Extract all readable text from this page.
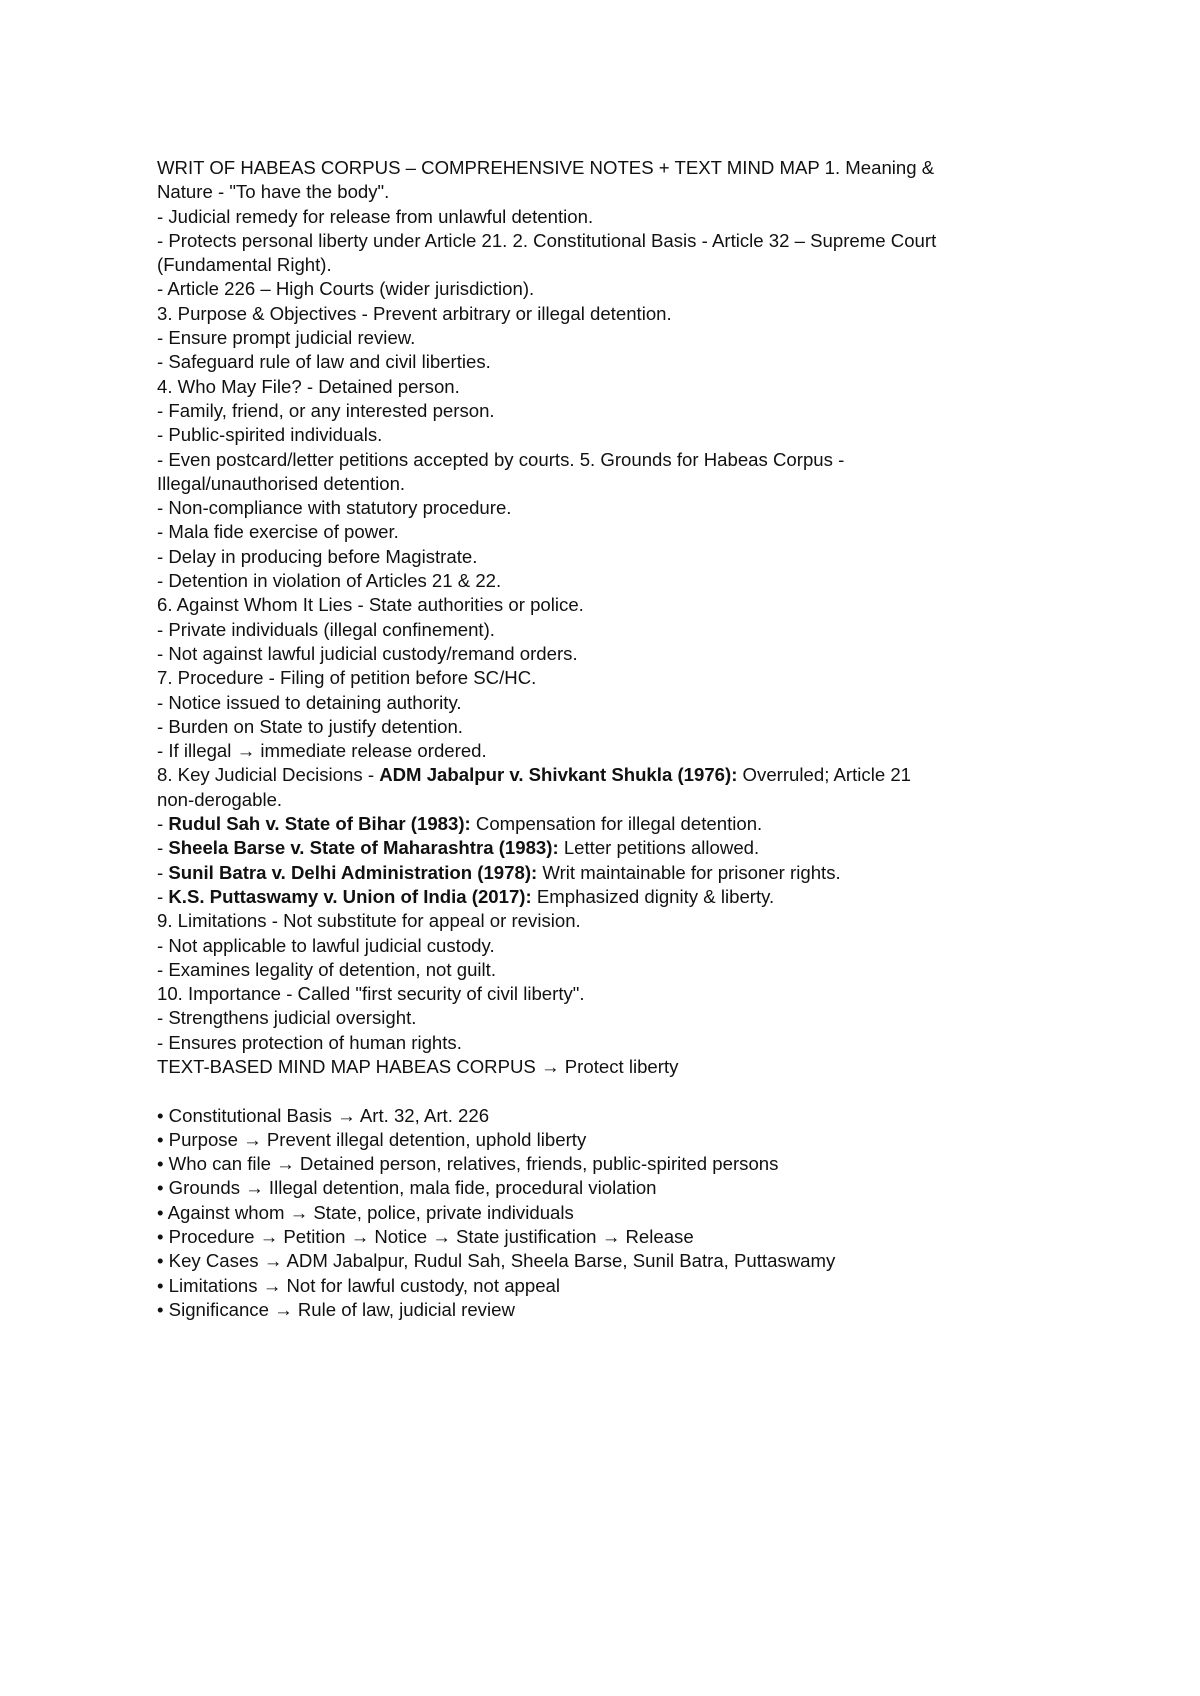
WRIT OF HABEAS CORPUS – COMPREHENSIVE NOTES + TEXT MIND MAP 1. Meaning &
Nature - "To have the body".
- Judicial remedy for release from unlawful detention.
- Protects personal liberty under Article 21. 2. Constitutional Basis - Article 32 – Supreme Court
(Fundamental Right).
- Article 226 – High Courts (wider jurisdiction).
3. Purpose & Objectives - Prevent arbitrary or illegal detention.
- Ensure prompt judicial review.
- Safeguard rule of law and civil liberties.
4. Who May File? - Detained person.
- Family, friend, or any interested person.
- Public-spirited individuals.
- Even postcard/letter petitions accepted by courts. 5. Grounds for Habeas Corpus -
Illegal/unauthorised detention.
- Non-compliance with statutory procedure.
- Mala fide exercise of power.
- Delay in producing before Magistrate.
- Detention in violation of Articles 21 & 22.
6. Against Whom It Lies - State authorities or police.
- Private individuals (illegal confinement).
- Not against lawful judicial custody/remand orders.
7. Procedure - Filing of petition before SC/HC.
- Notice issued to detaining authority.
- Burden on State to justify detention.
- If illegal → immediate release ordered.
8. Key Judicial Decisions - ADM Jabalpur v. Shivkant Shukla (1976): Overruled; Article 21
non-derogable.
- Rudul Sah v. State of Bihar (1983): Compensation for illegal detention.
- Sheela Barse v. State of Maharashtra (1983): Letter petitions allowed.
- Sunil Batra v. Delhi Administration (1978): Writ maintainable for prisoner rights.
- K.S. Puttaswamy v. Union of India (2017): Emphasized dignity & liberty.
9. Limitations - Not substitute for appeal or revision.
- Not applicable to lawful judicial custody.
- Examines legality of detention, not guilt.
10. Importance - Called "first security of civil liberty".
- Strengthens judicial oversight.
- Ensures protection of human rights.
TEXT-BASED MIND MAP HABEAS CORPUS → Protect liberty
• Constitutional Basis → Art. 32, Art. 226
• Purpose → Prevent illegal detention, uphold liberty
• Who can file → Detained person, relatives, friends, public-spirited persons
• Grounds → Illegal detention, mala fide, procedural violation
• Against whom → State, police, private individuals
• Procedure → Petition → Notice → State justification → Release
• Key Cases → ADM Jabalpur, Rudul Sah, Sheela Barse, Sunil Batra, Puttaswamy
• Limitations → Not for lawful custody, not appeal
• Significance → Rule of law, judicial review
